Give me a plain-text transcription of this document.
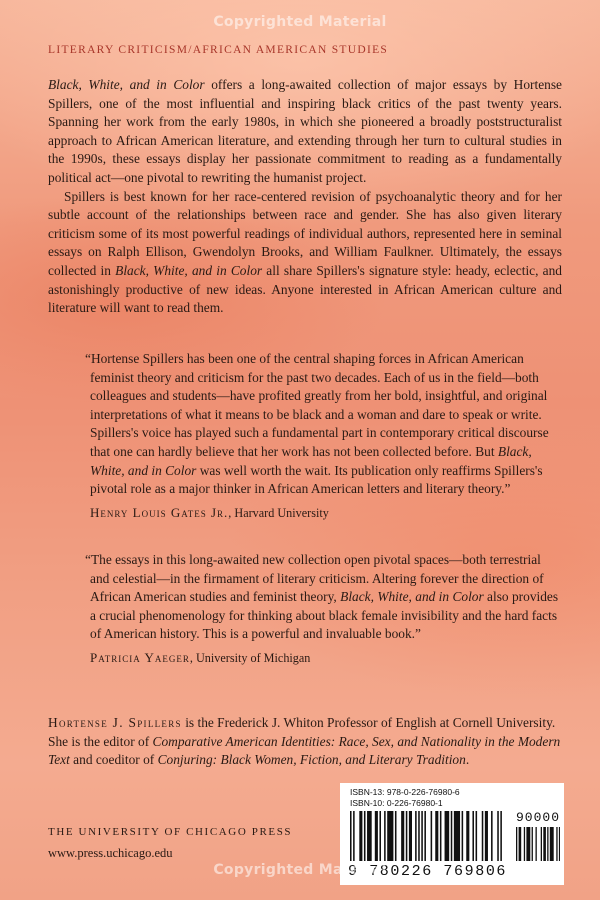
Copyrighted Material
LITERARY CRITICISM/AFRICAN AMERICAN STUDIES

Black, White, and in Color offers a long-awaited collection of major essays by Hortense Spillers, one of the most influential and inspiring black critics of the past twenty years. Spanning her work from the early 1980s, in which she pioneered a broadly poststructuralist approach to African American literature, and extending through her turn to cultural studies in the 1990s, these essays display her passionate commitment to reading as a fundamentally political act—one pivotal to rewriting the humanist project.

Spillers is best known for her race-centered revision of psychoanalytic theory and for her subtle account of the relationships between race and gender. She has also given literary criticism some of its most powerful readings of individual authors, represented here in seminal essays on Ralph Ellison, Gwendolyn Brooks, and William Faulkner. Ultimately, the essays collected in Black, White, and in Color all share Spillers's signature style: heady, eclectic, and astonishingly productive of new ideas. Anyone interested in African American culture and literature will want to read them.

“Hortense Spillers has been one of the central shaping forces in African American feminist theory and criticism for the past two decades. Each of us in the field—both colleagues and students—have profited greatly from her bold, insightful, and original interpretations of what it means to be black and a woman and dare to speak or write. Spillers's voice has played such a fundamental part in contemporary critical discourse that one can hardly believe that her work has not been collected before. But Black, White, and in Color was well worth the wait. Its publication only reaffirms Spillers's pivotal role as a major thinker in African American letters and literary theory.”

Henry Louis Gates Jr., Harvard University

“The essays in this long-awaited new collection open pivotal spaces—both terrestrial and celestial—in the firmament of literary criticism. Altering forever the direction of African American studies and feminist theory, Black, White, and in Color also provides a crucial phenomenology for thinking about black female invisibility and the hard facts of American history. This is a powerful and invaluable book.”

Patricia Yaeger, University of Michigan
Hortense J. Spillers is the Frederick J. Whiton Professor of English at Cornell University. She is the editor of Comparative American Identities: Race, Sex, and Nationality in the Modern Text and coeditor of Conjuring: Black Women, Fiction, and Literary Tradition.
THE UNIVERSITY OF CHICAGO PRESS
www.press.uchicago.edu
ISBN-13: 978-0-226-76980-6
ISBN-10: 0-226-76980-1
90000
9 780226 769806
Copyrighted Material
